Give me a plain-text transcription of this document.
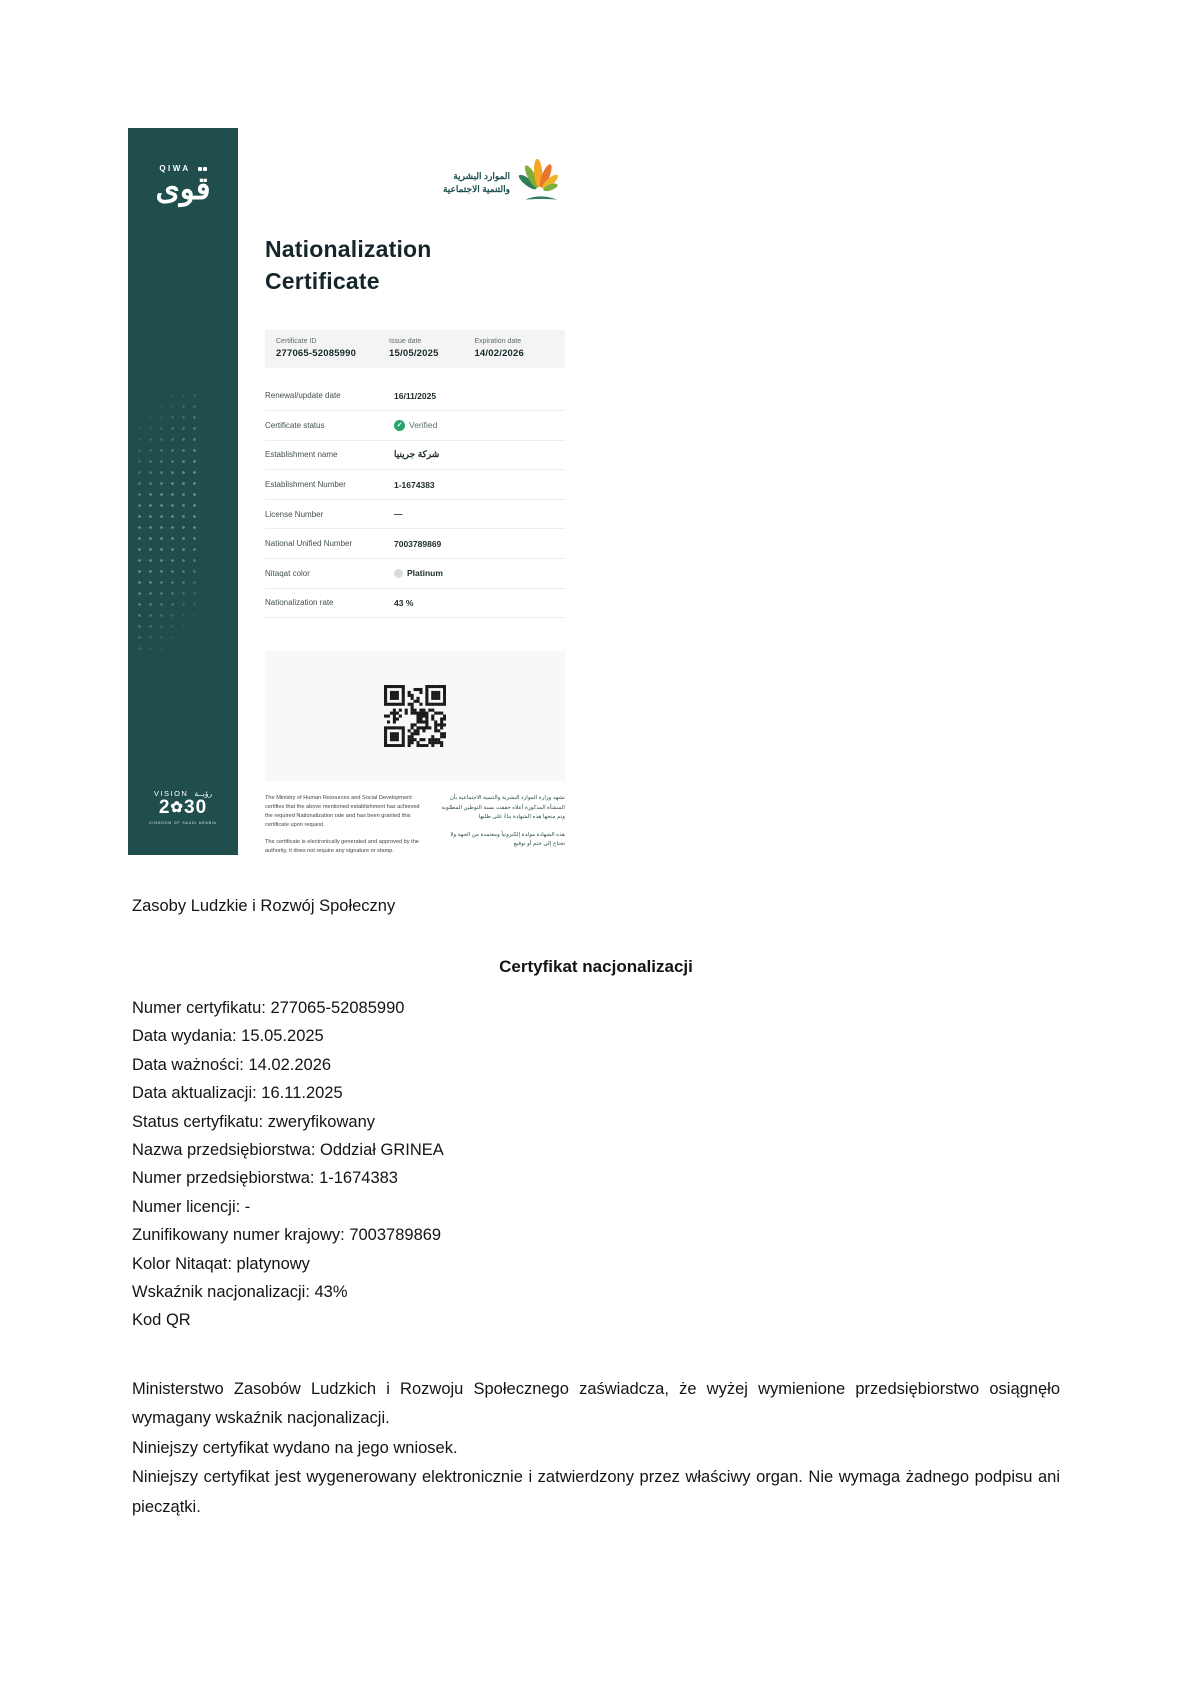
QIWA
قوى
VISION رؤيــة
2✿30
KINGDOM OF SAUDI ARABIA
الموارد البشرية
والتنمية الاجتماعية
Nationalization
Certificate
Certificate ID
277065-52085990
Issue date
15/05/2025
Expiration date
14/02/2026
Renewal/update date	16/11/2025
Certificate status	✓ Verified
Establishment name	شركة جرينيا
Establishment Number	1-1674383
License Number	—
National Unified Number	7003789869
Nitaqat color	Platinum
Nationalization rate	43 %

The Ministry of Human Resources and Social Development certifies that the above mentioned establishment has achieved the required Nationalization rate and has been granted this certificate upon request.

The certificate is electronically generated and approved by the authority, it does not require any signature or stamp.

تشهد وزارة الموارد البشرية والتنمية الاجتماعية بأن المنشأة المذكورة أعلاه حققت نسبة التوطين المطلوبة وتم منحها هذه الشهادة بناءً على طلبها

هذه الشهادة مولدة إلكترونياً ومعتمدة من الجهة ولا تحتاج إلى ختم أو توقيع

Zasoby Ludzkie i Rozwój Społeczny
Certyfikat nacjonalizacji
Numer certyfikatu: 277065-52085990
Data wydania: 15.05.2025
Data ważności: 14.02.2026
Data aktualizacji: 16.11.2025
Status certyfikatu: zweryfikowany
Nazwa przedsiębiorstwa: Oddział GRINEA
Numer przedsiębiorstwa: 1-1674383
Numer licencji: -
Zunifikowany numer krajowy: 7003789869
Kolor Nitaqat: platynowy
Wskaźnik nacjonalizacji: 43%
Kod QR

Ministerstwo Zasobów Ludzkich i Rozwoju Społecznego zaświadcza, że wyżej wymienione przedsiębiorstwo osiągnęło wymagany wskaźnik nacjonalizacji.

Niniejszy certyfikat wydano na jego wniosek.

Niniejszy certyfikat jest wygenerowany elektronicznie i zatwierdzony przez właściwy organ. Nie wymaga żadnego podpisu ani pieczątki.
